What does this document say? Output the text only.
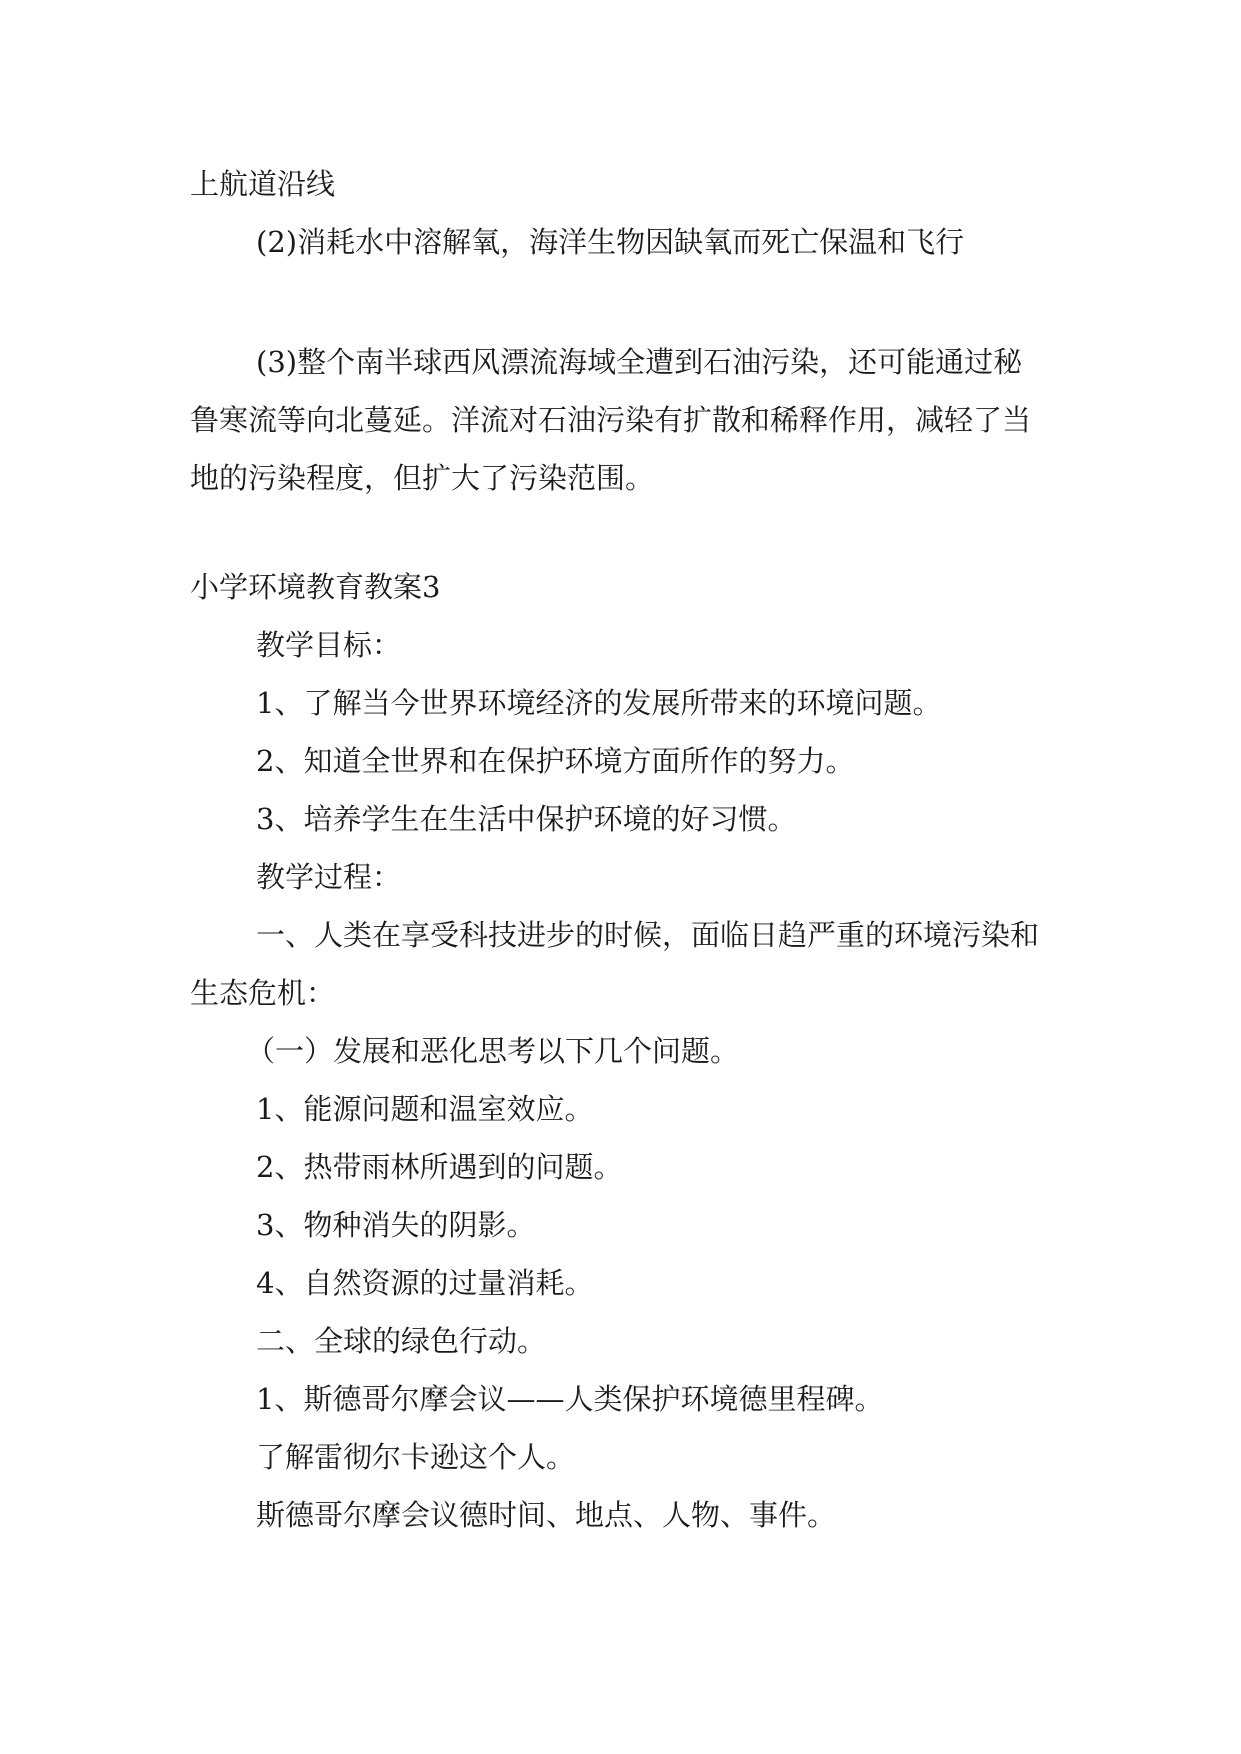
上航道沿线

(2)消耗水中溶解氧，海洋生物因缺氧而死亡保温和飞行

(3)整个南半球西风漂流海域全遭到石油污染，还可能通过秘鲁寒流等向北蔓延。洋流对石油污染有扩散和稀释作用，减轻了当地的污染程度，但扩大了污染范围。

小学环境教育教案3

教学目标：

1、了解当今世界环境经济的发展所带来的环境问题。

2、知道全世界和在保护环境方面所作的努力。

3、培养学生在生活中保护环境的好习惯。

教学过程：

一、人类在享受科技进步的时候，面临日趋严重的环境污染和生态危机：

（一）发展和恶化思考以下几个问题。

1、能源问题和温室效应。

2、热带雨林所遇到的问题。

3、物种消失的阴影。

4、自然资源的过量消耗。

二、全球的绿色行动。

1、斯德哥尔摩会议——人类保护环境德里程碑。

了解雷彻尔卡逊这个人。

斯德哥尔摩会议德时间、地点、人物、事件。
